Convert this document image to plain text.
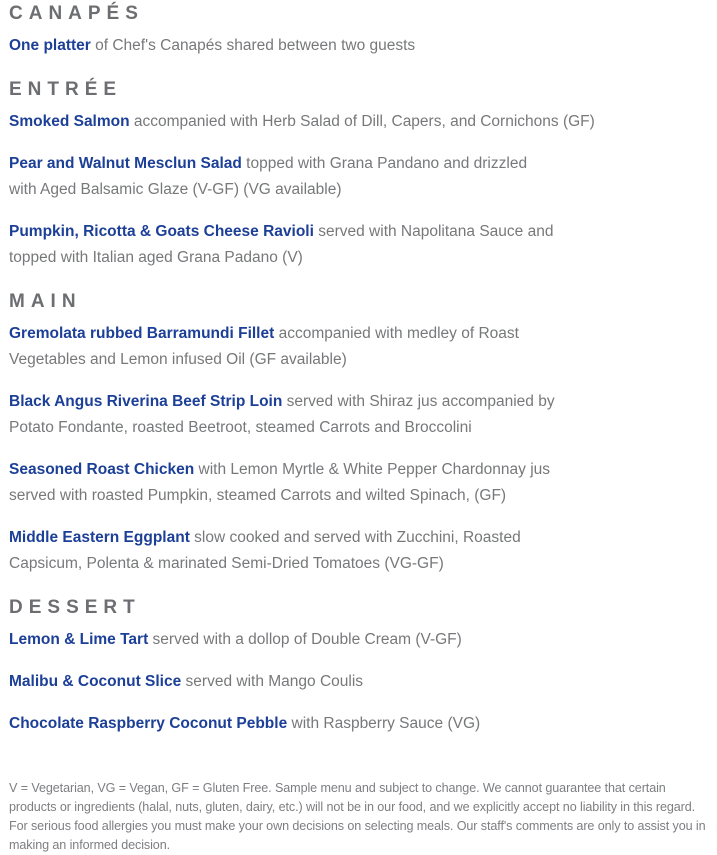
CANAPÉS

One platter of Chef's Canapés shared between two guests

ENTRÉE

Smoked Salmon accompanied with Herb Salad of Dill, Capers, and Cornichons (GF)

Pear and Walnut Mesclun Salad topped with Grana Pandano and drizzled
with Aged Balsamic Glaze (V-GF) (VG available)

Pumpkin, Ricotta & Goats Cheese Ravioli served with Napolitana Sauce and
topped with Italian aged Grana Padano (V)

MAIN

Gremolata rubbed Barramundi Fillet accompanied with medley of Roast
Vegetables and Lemon infused Oil (GF available)

Black Angus Riverina Beef Strip Loin served with Shiraz jus accompanied by
Potato Fondante, roasted Beetroot, steamed Carrots and Broccolini

Seasoned Roast Chicken with Lemon Myrtle & White Pepper Chardonnay jus
served with roasted Pumpkin, steamed Carrots and wilted Spinach, (GF)

Middle Eastern Eggplant slow cooked and served with Zucchini, Roasted
Capsicum, Polenta & marinated Semi-Dried Tomatoes (VG-GF)

DESSERT

Lemon & Lime Tart served with a dollop of Double Cream (V-GF)

Malibu & Coconut Slice served with Mango Coulis

Chocolate Raspberry Coconut Pebble with Raspberry Sauce (VG)

V = Vegetarian, VG = Vegan, GF = Gluten Free. Sample menu and subject to change. We cannot guarantee that certain products or ingredients (halal, nuts, gluten, dairy, etc.) will not be in our food, and we explicitly accept no liability in this regard. For serious food allergies you must make your own decisions on selecting meals. Our staff's comments are only to assist you in making an informed decision.
